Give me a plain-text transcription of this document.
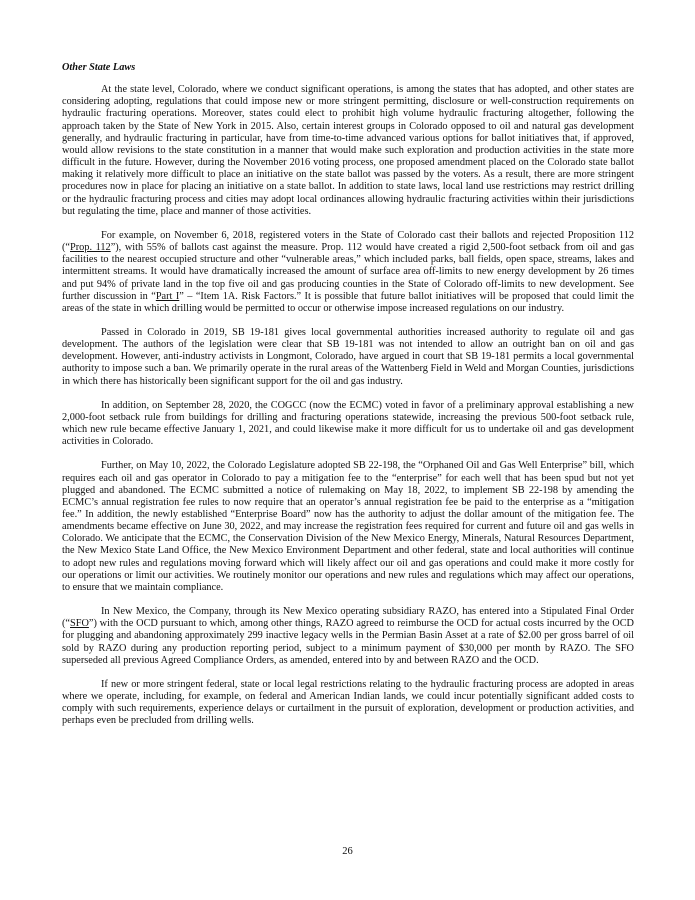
Other State Laws

At the state level, Colorado, where we conduct significant operations, is among the states that has adopted, and other states are considering adopting, regulations that could impose new or more stringent permitting, disclosure or well-construction requirements on hydraulic fracturing operations. Moreover, states could elect to prohibit high volume hydraulic fracturing altogether, following the approach taken by the State of New York in 2015. Also, certain interest groups in Colorado opposed to oil and natural gas development generally, and hydraulic fracturing in particular, have from time-to-time advanced various options for ballot initiatives that, if approved, would allow revisions to the state constitution in a manner that would make such exploration and production activities in the state more difficult in the future. However, during the November 2016 voting process, one proposed amendment placed on the Colorado state ballot making it relatively more difficult to place an initiative on the state ballot was passed by the voters. As a result, there are more stringent procedures now in place for placing an initiative on a state ballot. In addition to state laws, local land use restrictions may restrict drilling or the hydraulic fracturing process and cities may adopt local ordinances allowing hydraulic fracturing activities within their jurisdictions but regulating the time, place and manner of those activities.

For example, on November 6, 2018, registered voters in the State of Colorado cast their ballots and rejected Proposition 112 (“Prop. 112”), with 55% of ballots cast against the measure. Prop. 112 would have created a rigid 2,500-foot setback from oil and gas facilities to the nearest occupied structure and other “vulnerable areas,” which included parks, ball fields, open space, streams, lakes and intermittent streams. It would have dramatically increased the amount of surface area off-limits to new energy development by 26 times and put 94% of private land in the top five oil and gas producing counties in the State of Colorado off-limits to new development. See further discussion in “Part I” – “Item 1A. Risk Factors.” It is possible that future ballot initiatives will be proposed that could limit the areas of the state in which drilling would be permitted to occur or otherwise impose increased regulations on our industry.

Passed in Colorado in 2019, SB 19-181 gives local governmental authorities increased authority to regulate oil and gas development. The authors of the legislation were clear that SB 19-181 was not intended to allow an outright ban on oil and gas development. However, anti-industry activists in Longmont, Colorado, have argued in court that SB 19-181 permits a local governmental authority to impose such a ban. We primarily operate in the rural areas of the Wattenberg Field in Weld and Morgan Counties, jurisdictions in which there has historically been significant support for the oil and gas industry.

In addition, on September 28, 2020, the COGCC (now the ECMC) voted in favor of a preliminary approval establishing a new 2,000-foot setback rule from buildings for drilling and fracturing operations statewide, increasing the previous 500-foot setback rule, which new rule became effective January 1, 2021, and could likewise make it more difficult for us to undertake oil and gas development activities in Colorado.

Further, on May 10, 2022, the Colorado Legislature adopted SB 22-198, the “Orphaned Oil and Gas Well Enterprise” bill, which requires each oil and gas operator in Colorado to pay a mitigation fee to the “enterprise” for each well that has been spud but not yet plugged and abandoned. The ECMC submitted a notice of rulemaking on May 18, 2022, to implement SB 22-198 by amending the ECMC’s annual registration fee rules to now require that an operator’s annual registration fee be paid to the enterprise as a “mitigation fee.” In addition, the newly established “Enterprise Board” now has the authority to adjust the dollar amount of the mitigation fee. The amendments became effective on June 30, 2022, and may increase the registration fees required for current and future oil and gas wells in Colorado. We anticipate that the ECMC, the Conservation Division of the New Mexico Energy, Minerals, Natural Resources Department, the New Mexico State Land Office, the New Mexico Environment Department and other federal, state and local authorities will continue to adopt new rules and regulations moving forward which will likely affect our oil and gas operations and could make it more costly for our operations or limit our activities. We routinely monitor our operations and new rules and regulations which may affect our operations, to ensure that we maintain compliance.

In New Mexico, the Company, through its New Mexico operating subsidiary RAZO, has entered into a Stipulated Final Order (“SFO”) with the OCD pursuant to which, among other things, RAZO agreed to reimburse the OCD for actual costs incurred by the OCD for plugging and abandoning approximately 299 inactive legacy wells in the Permian Basin Asset at a rate of $2.00 per gross barrel of oil sold by RAZO during any production reporting period, subject to a minimum payment of $30,000 per month by RAZO. The SFO superseded all previous Agreed Compliance Orders, as amended, entered into by and between RAZO and the OCD.

If new or more stringent federal, state or local legal restrictions relating to the hydraulic fracturing process are adopted in areas where we operate, including, for example, on federal and American Indian lands, we could incur potentially significant added costs to comply with such requirements, experience delays or curtailment in the pursuit of exploration, development or production activities, and perhaps even be precluded from drilling wells.

26
